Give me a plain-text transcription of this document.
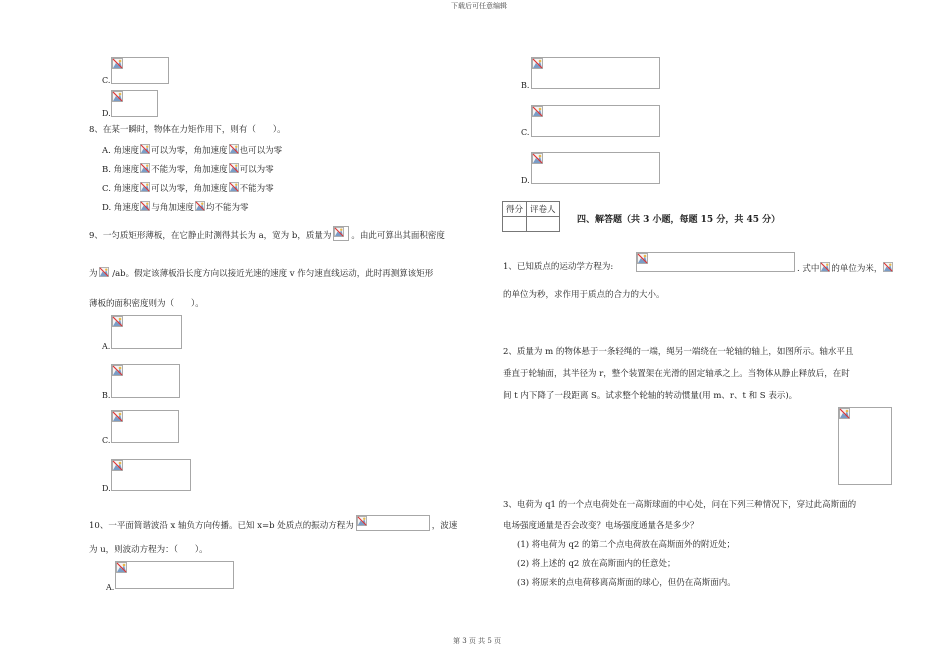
下载后可任意编辑
第 3 页 共 5 页
C.
D.
8、在某一瞬时，物体在力矩作用下，则有（　　）。
A. 角速度 可以为零，角加速度 也可以为零
B. 角速度 不能为零，角加速度 可以为零
C. 角速度 可以为零，角加速度 不能为零
D. 角速度 与角加速度 均不能为零
9、一匀质矩形薄板，在它静止时测得其长为 a，宽为 b，质量为 。由此可算出其面积密度
为 /ab。假定该薄板沿长度方向以接近光速的速度 v 作匀速直线运动，此时再测算该矩形
薄板的面积密度则为（　　）。
A.
B.
C.
D.
10、一平面简谐波沿 x 轴负方向传播。已知 x=b 处质点的振动方程为	，波速
为 u，则波动方程为：（　　）。
A.
B.
C.
D.
得分	评卷人

四、解答题（共 3 小题，每题 15 分，共 45 分）
1、已知质点的运动学方程为:	. 式中 的单位为米，
的单位为秒，求作用于质点的合力的大小。
2、质量为 m 的物体悬于一条轻绳的一端，绳另一端绕在一轮轴的轴上，如图所示。轴水平且
垂直于轮轴面，其半径为 r，整个装置架在光滑的固定轴承之上。当物体从静止释放后，在时
间 t 内下降了一段距离 S。试求整个轮轴的转动惯量(用 m、r、t 和 S 表示)。
3、电荷为 q1 的一个点电荷处在一高斯球面的中心处，问在下列三种情况下，穿过此高斯面的
电场强度通量是否会改变？电场强度通量各是多少？
(1) 将电荷为 q2 的第二个点电荷放在高斯面外的附近处；
(2) 将上述的 q2 放在高斯面内的任意处；
(3) 将原来的点电荷移离高斯面的球心，但仍在高斯面内。
